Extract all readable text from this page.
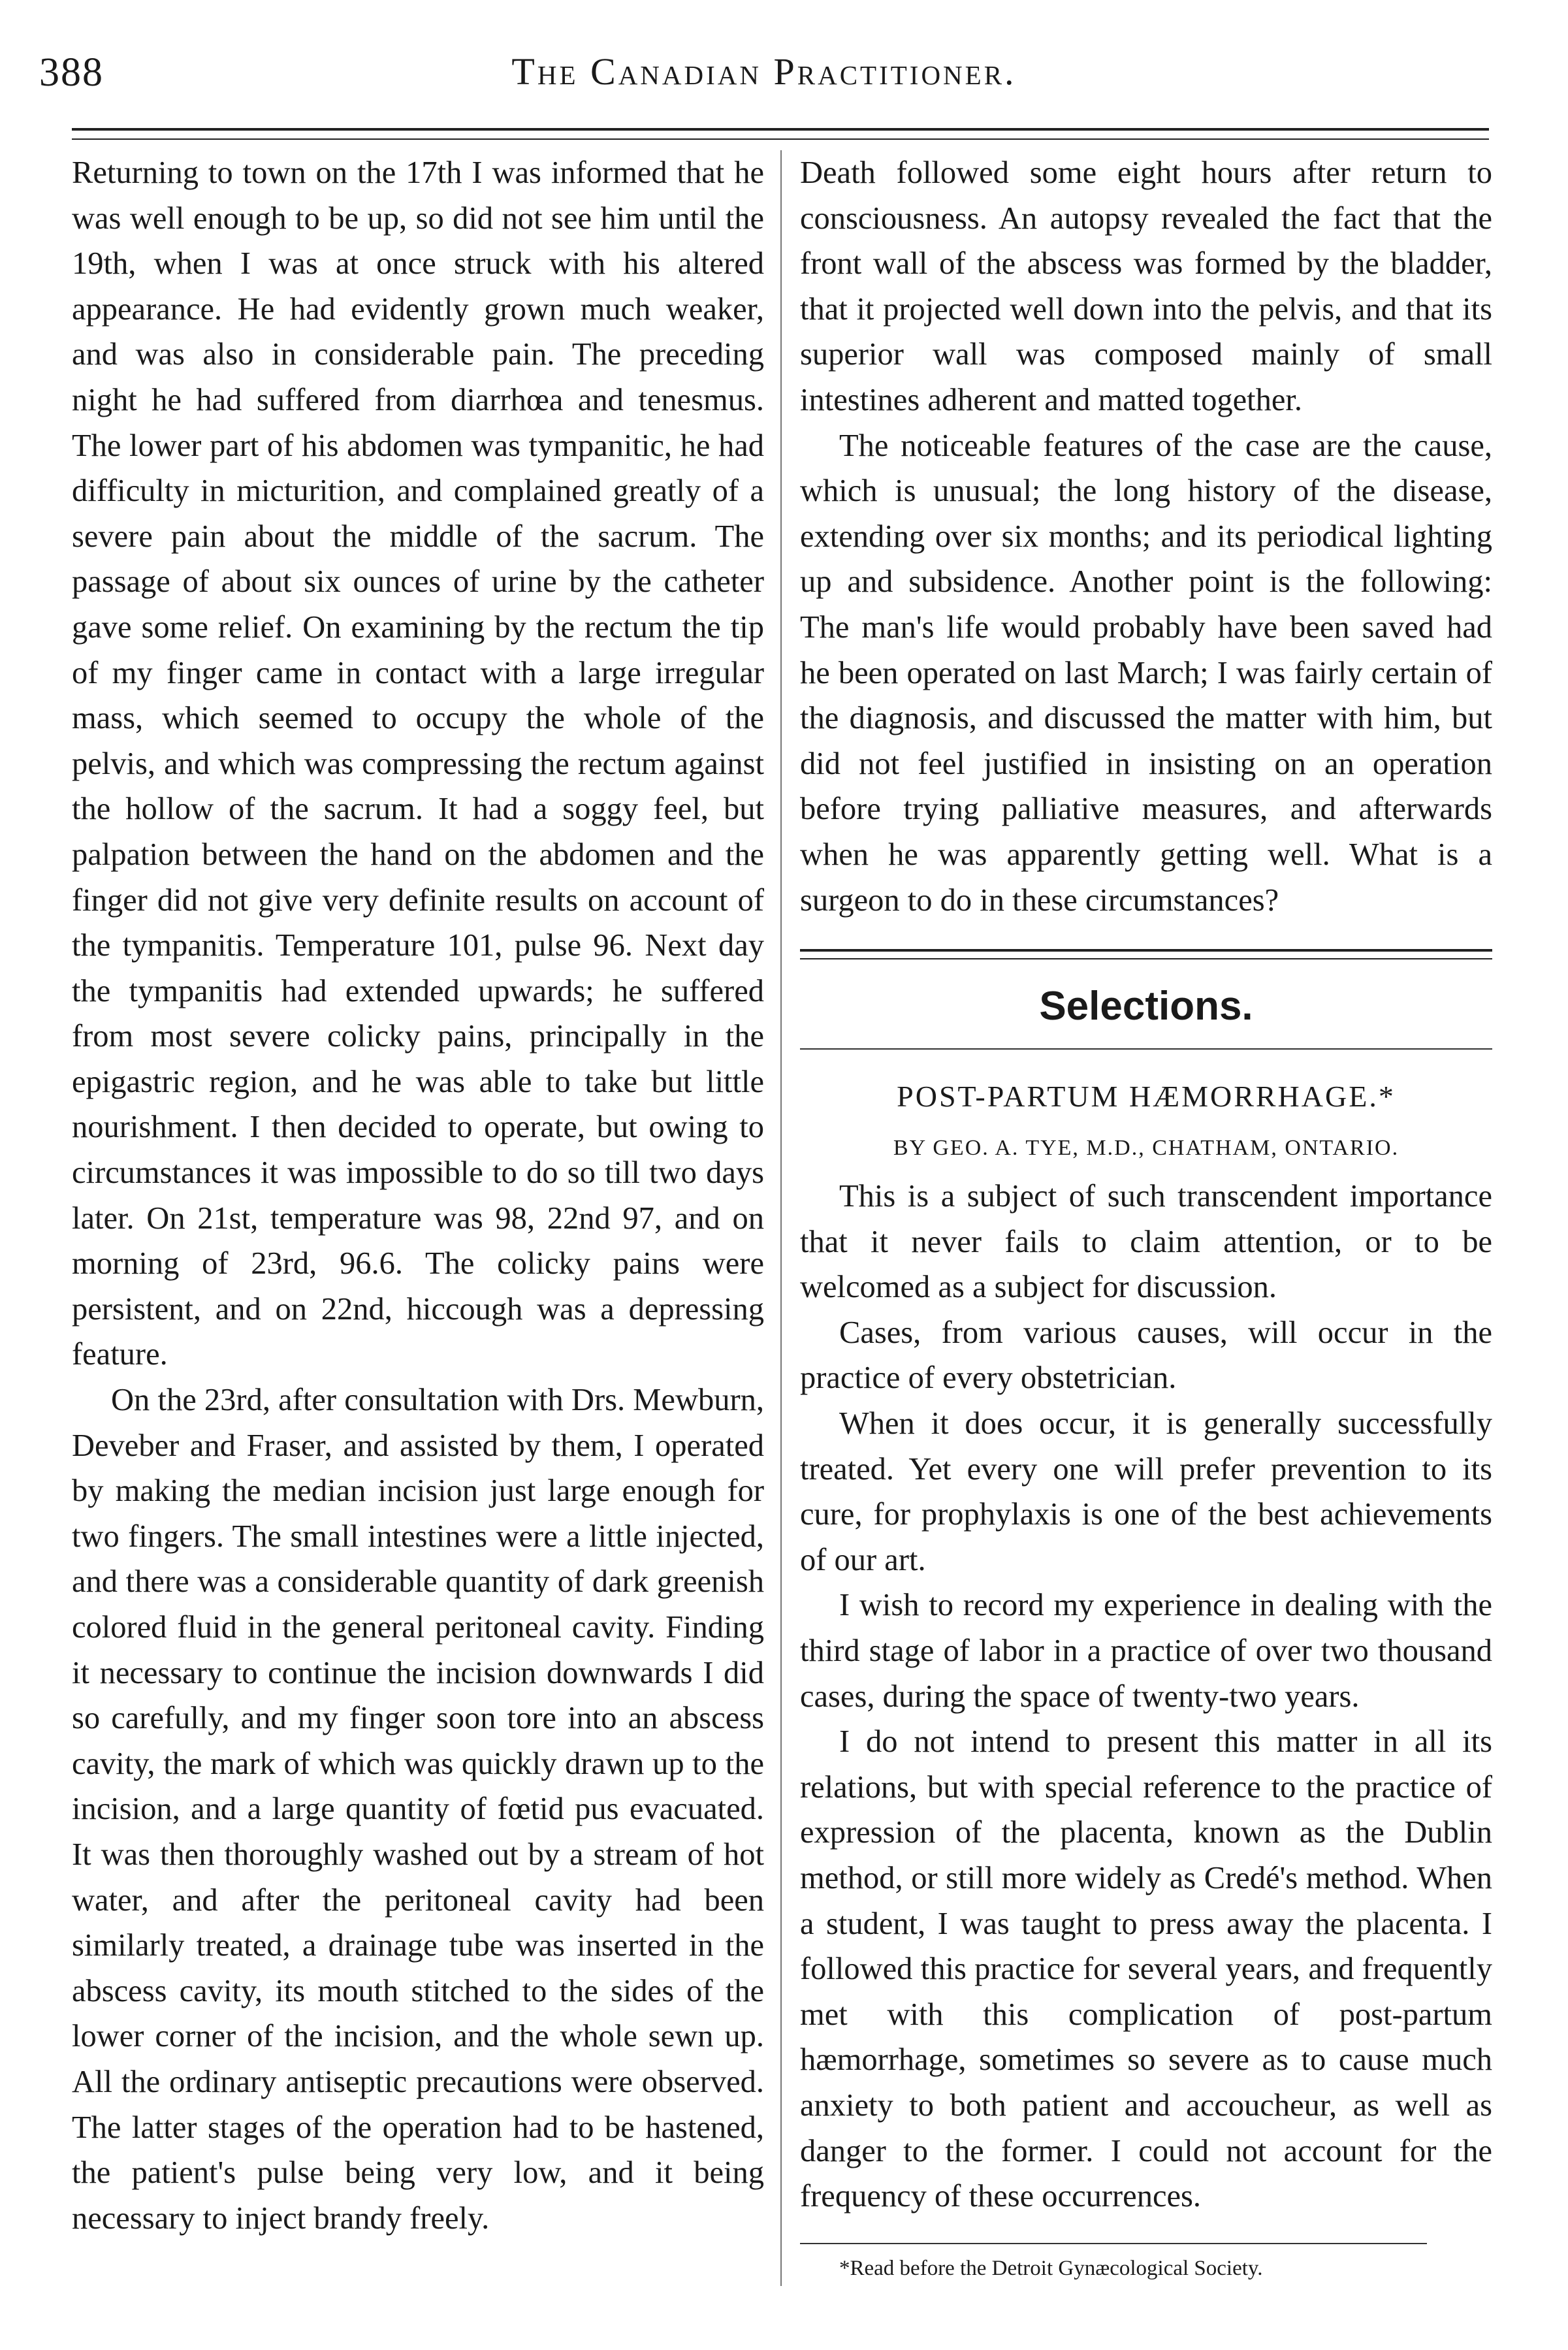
388	The Canadian Practitioner.

Returning to town on the 17th I was informed that he was well enough to be up, so did not see him until the 19th, when I was at once struck with his altered appearance. He had evidently grown much weaker, and was also in considerable pain. The preceding night he had suffered from diarrhœa and tenesmus. The lower part of his abdomen was tympanitic, he had difficulty in micturition, and complained greatly of a severe pain about the middle of the sacrum. The passage of about six ounces of urine by the catheter gave some relief. On examining by the rectum the tip of my finger came in contact with a large irregular mass, which seemed to occupy the whole of the pelvis, and which was compressing the rectum against the hollow of the sacrum. It had a soggy feel, but palpation between the hand on the abdomen and the finger did not give very definite results on account of the tympanitis. Temperature 101, pulse 96. Next day the tympanitis had extended upwards; he suffered from most severe colicky pains, principally in the epigastric region, and he was able to take but little nourishment. I then decided to operate, but owing to circumstances it was impossible to do so till two days later. On 21st, temperature was 98, 22nd 97, and on morning of 23rd, 96.6. The colicky pains were persistent, and on 22nd, hiccough was a depressing feature.

On the 23rd, after consultation with Drs. Mewburn, Deveber and Fraser, and assisted by them, I operated by making the median incision just large enough for two fingers. The small intestines were a little injected, and there was a considerable quantity of dark greenish colored fluid in the general peritoneal cavity. Finding it necessary to continue the incision downwards I did so carefully, and my finger soon tore into an abscess cavity, the mark of which was quickly drawn up to the incision, and a large quantity of fœtid pus evacuated. It was then thoroughly washed out by a stream of hot water, and after the peritoneal cavity had been similarly treated, a drainage tube was inserted in the abscess cavity, its mouth stitched to the sides of the lower corner of the incision, and the whole sewn up. All the ordinary antiseptic precautions were observed. The latter stages of the operation had to be hastened, the patient's pulse being very low, and it being necessary to inject brandy freely.

Death followed some eight hours after return to consciousness. An autopsy revealed the fact that the front wall of the abscess was formed by the bladder, that it projected well down into the pelvis, and that its superior wall was composed mainly of small intestines adherent and matted together.

The noticeable features of the case are the cause, which is unusual; the long history of the disease, extending over six months; and its periodical lighting up and subsidence. Another point is the following: The man's life would probably have been saved had he been operated on last March; I was fairly certain of the diagnosis, and discussed the matter with him, but did not feel justified in insisting on an operation before trying palliative measures, and afterwards when he was apparently getting well. What is a surgeon to do in these circumstances?

Selections.
POST-PARTUM HÆMORRHAGE.*
BY GEO. A. TYE, M.D., CHATHAM, ONTARIO.

This is a subject of such transcendent importance that it never fails to claim attention, or to be welcomed as a subject for discussion.

Cases, from various causes, will occur in the practice of every obstetrician.

When it does occur, it is generally successfully treated. Yet every one will prefer prevention to its cure, for prophylaxis is one of the best achievements of our art.

I wish to record my experience in dealing with the third stage of labor in a practice of over two thousand cases, during the space of twenty-two years.

I do not intend to present this matter in all its relations, but with special reference to the practice of expression of the placenta, known as the Dublin method, or still more widely as Credé's method. When a student, I was taught to press away the placenta. I followed this practice for several years, and frequently met with this complication of post-partum hæmorrhage, sometimes so severe as to cause much anxiety to both patient and accoucheur, as well as danger to the former. I could not account for the frequency of these occurrences.

*Read before the Detroit Gynæcological Society.
